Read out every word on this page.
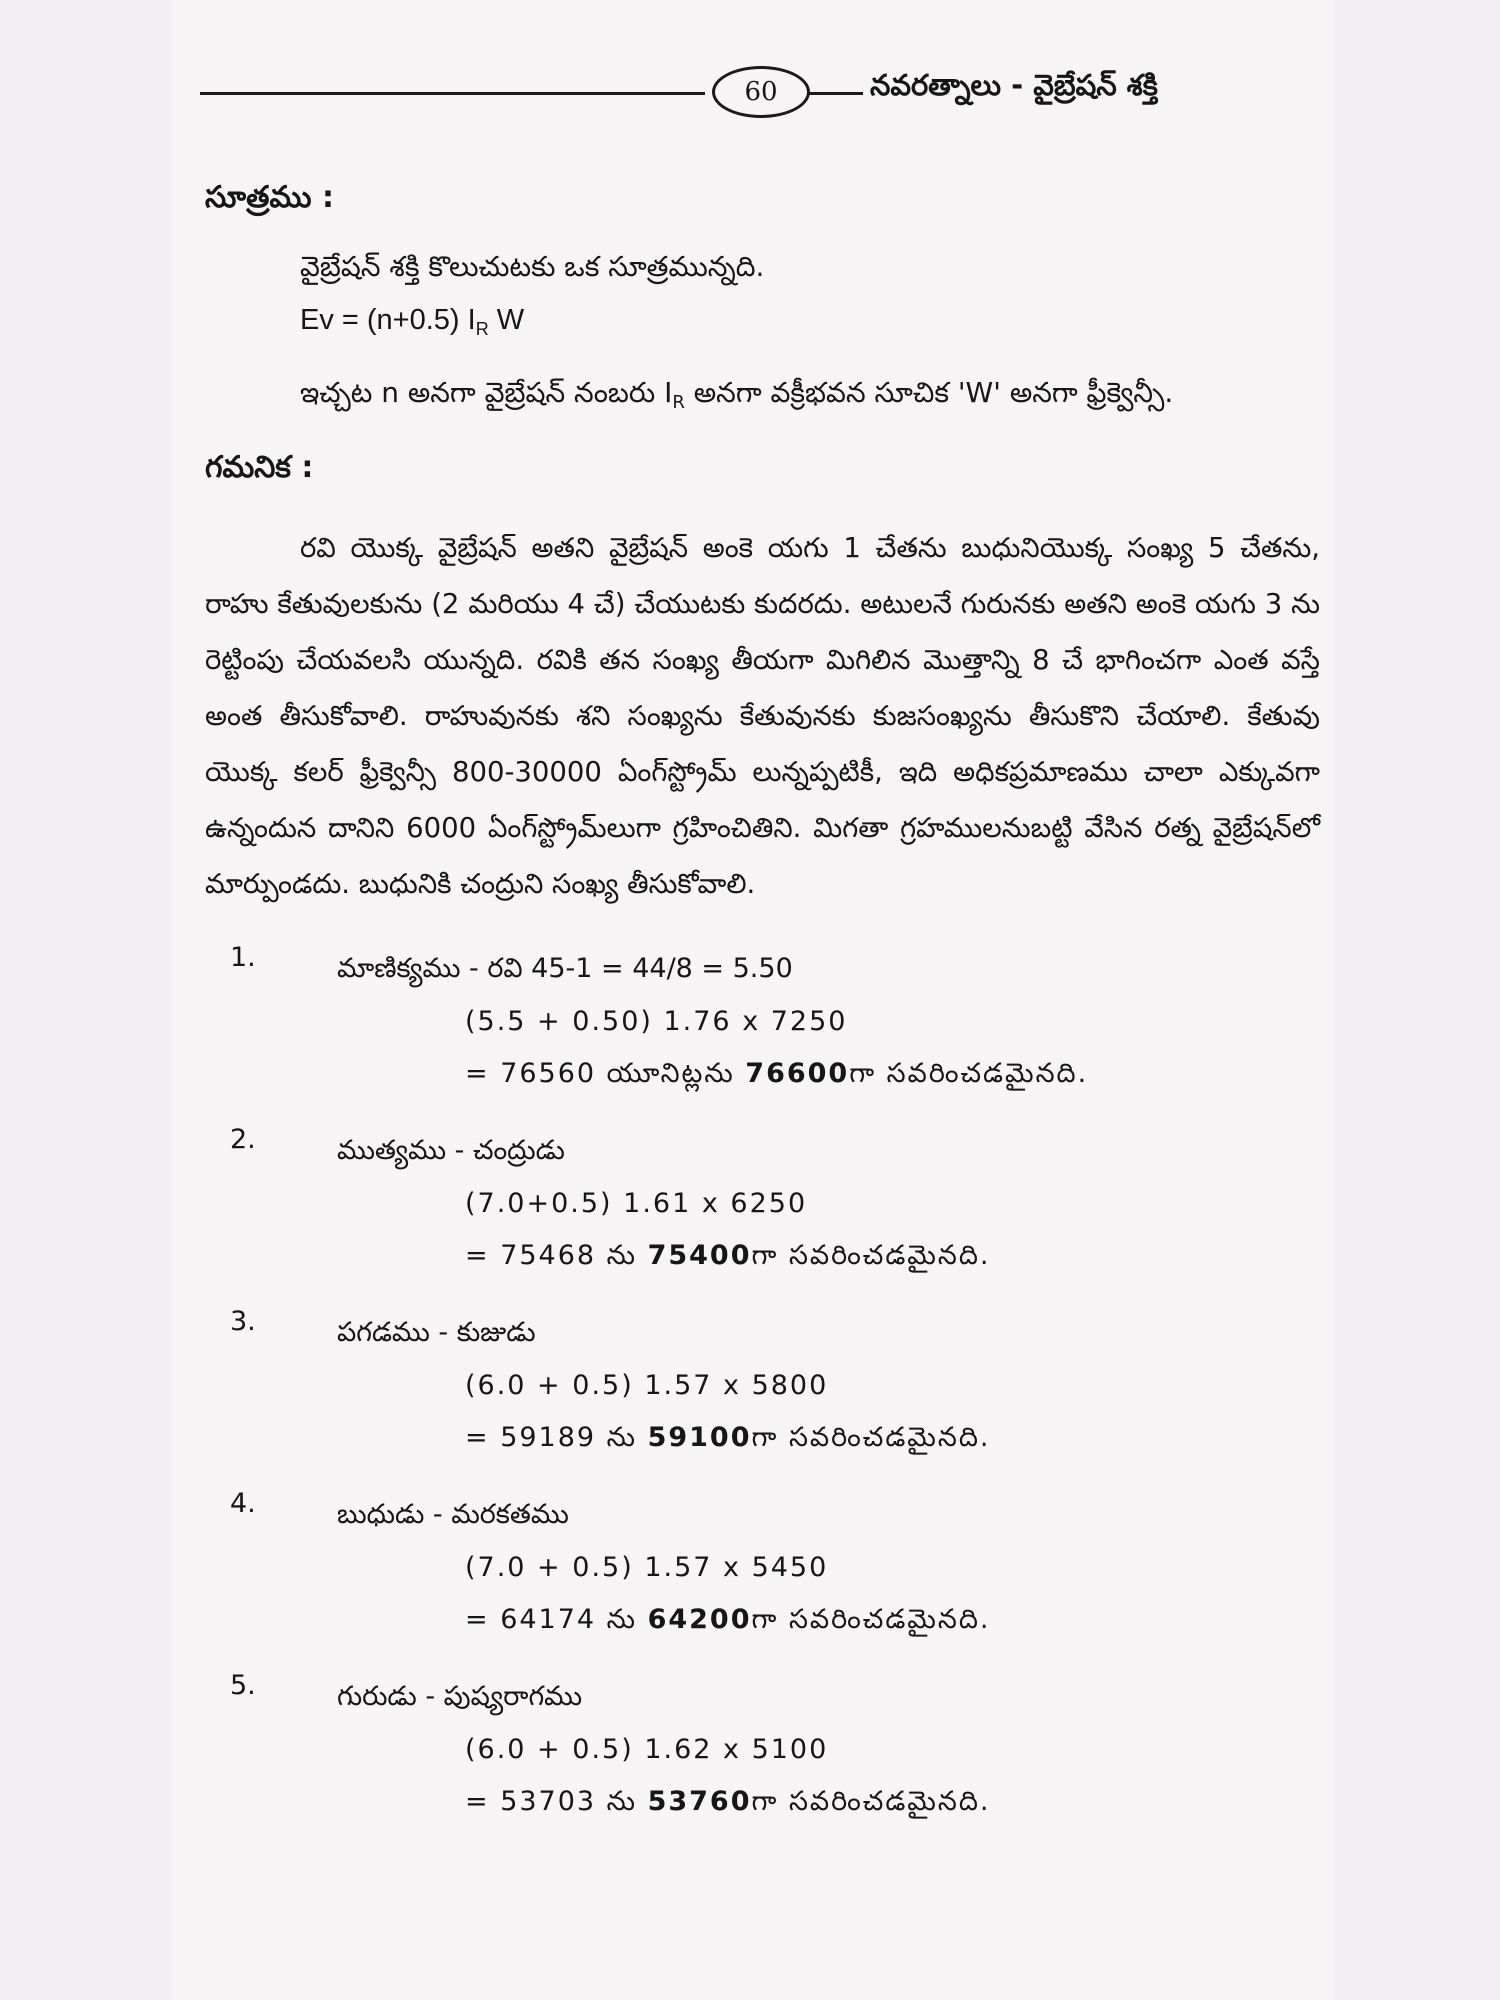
60	నవరత్నాలు - వైబ్రేషన్ శక్తి
సూత్రము :
వైబ్రేషన్ శక్తి కొలుచుటకు ఒక సూత్రమున్నది.
Ev = (n+0.5) $I_R$ W
ఇచ్చట n అనగా వైబ్రేషన్ నంబరు $I_R$ అనగా వక్రీభవన సూచిక 'W' అనగా ఫ్రీక్వెన్సీ.
గమనిక :
రవి యొక్క వైబ్రేషన్ అతని వైబ్రేషన్ అంకె యగు 1 చేతను బుధునియొక్క సంఖ్య 5 చేతను, రాహు కేతువులకును (2 మరియు 4 చే) చేయుటకు కుదరదు. అటులనే గురునకు అతని అంకె యగు 3 ను రెట్టింపు చేయవలసి యున్నది. రవికి తన సంఖ్య తీయగా మిగిలిన మొత్తాన్ని 8 చే భాగించగా ఎంత వస్తే అంత తీసుకోవాలి. రాహువునకు శని సంఖ్యను కేతువునకు కుజసంఖ్యను తీసుకొని చేయాలి. కేతువు యొక్క కలర్ ఫ్రీక్వెన్సీ 800-30000 ఏంగ్‌స్ట్రోమ్ లున్నప్పటికీ, ఇది అధికప్రమాణము చాలా ఎక్కువగా ఉన్నందున దానిని 6000 ఏంగ్‌స్ట్రోమ్‌లుగా గ్రహించితిని. మిగతా గ్రహములనుబట్టి వేసిన రత్న వైబ్రేషన్‌లో మార్పుండదు. బుధునికి చంద్రుని సంఖ్య తీసుకోవాలి.
1.	మాణిక్యము - రవి 45-1 = 44/8 = 5.50
(5.5 + 0.50) 1.76 x 7250
= 76560 యూనిట్లను 76600గా సవరించడమైనది.
2.	ముత్యము - చంద్రుడు
(7.0+0.5) 1.61 x 6250
= 75468 ను 75400గా సవరించడమైనది.
3.	పగడము - కుజుడు
(6.0 + 0.5) 1.57 x 5800
= 59189 ను 59100గా సవరించడమైనది.
4.	బుధుడు - మరకతము
(7.0 + 0.5) 1.57 x 5450
= 64174 ను 64200గా సవరించడమైనది.
5.	గురుడు - పుష్యరాగము
(6.0 + 0.5) 1.62 x 5100
= 53703 ను 53760గా సవరించడమైనది.
